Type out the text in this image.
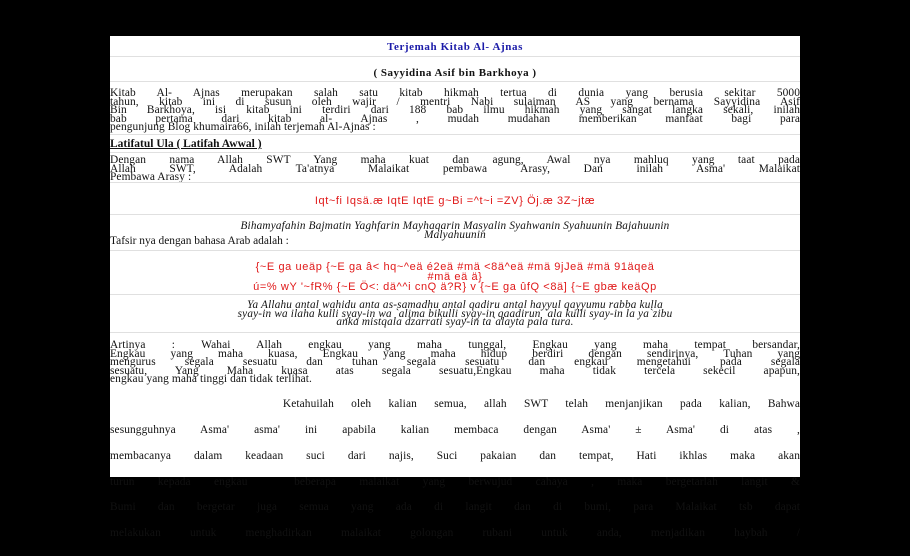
Terjemah Kitab Al- Ajnas
( Sayyidina Asif bin Barkhoya )
Kitab Al- Ajnas merupakan salah satu kitab hikmah tertua di dunia yang berusia sekitar 5000
tahun, kitab ini di susun oleh wajir / mentri Nabi sulaiman AS yang bernama Sayyidina Asif
Bin Barkhoya, isi kitab ini terdiri dari 188 bab ilmu hikmah yang sangat langka sekali, inilah
bab pertama dari kitab al- Ajnas , mudah mudahan memberikan manfaat bagi para
pengunjung Blog khumaira66, inilah terjemah Al-Ajnas :
Latifatul Ula ( Latifah Awwal )
Dengan nama Allah SWT Yang maha kuat dan agung, Awal nya mahluq yang taat pada
Allah SWT, Adalah Ta'atnya Malaikat pembawa Arasy, Dan inilah Asma' Malaikat
Pembawa Arasy :
Iqt~fi Iqsä.æ IqtE IqtE g~Bi =^t~i =ZV} Öj.æ 3Z~jtæ
Bihamyafahin Bajmatin Yaghfarin Mayhaqarin Masyalin Syahwanin Syahuunin Bajahuunin
Malyahuunin
Tafsir nya dengan bahasa Arab adalah :
{~E ga ueäp {~E ga â< hq~^eä é2eä #mä <8ä^eä #mä 9jJeä #mä 91äqeä
#mä eä ä}
ú=% wY '~fR% {~E Ö<: dä^^i cnQ ä?R} v {~E ga ûfQ <8ä] {~E gbæ keäQp
Ya Allahu antal wahidu anta as-samadhu antal qadiru antal hayyul qayyumu rabba kulla
syay-in wa ilaha kulli syay-in wa `alima bikulli syay-in qaadirun `ala kulli syay-in la ya`zibu
anka mistqala dzarrati syay-in ta`alayta pala tura.
Artinya : Wahai Allah engkau yang maha tunggal, Engkau yang maha tempat bersandar,
Engkau yang maha kuasa, Engkau yang maha hidup berdiri dengan sendirinya, Tuhan yang
mengurus segala sesuatu dan tuhan segala sesuatu dan engkau mengetahui pada segala
sesuatu, Yang Maha kuasa atas segala sesuatu,Engkau maha tidak tercela sekecil apapun,
engkau yang maha tinggi dan tidak terlihat.

Ketahuilah oleh kalian semua, allah SWT telah menjanjikan pada kalian, Bahwa

sesungguhnya Asma' asma' ini apabila kalian membaca dengan Asma' ± Asma' di atas ,

membacanya dalam keadaan suci dari najis, Suci pakaian dan tempat, Hati ikhlas maka akan

turun kepada engkau  beberapa malaikat yang berwujud cahaya , maka bergetarlah langit &

Bumi dan bergetar juga semua yang ada di langit dan di bumi, para Malaikat tsb dapat

melakukan untuk menghadirkan malaikat golongan rubani untuk anda, menjadikan haybah /
